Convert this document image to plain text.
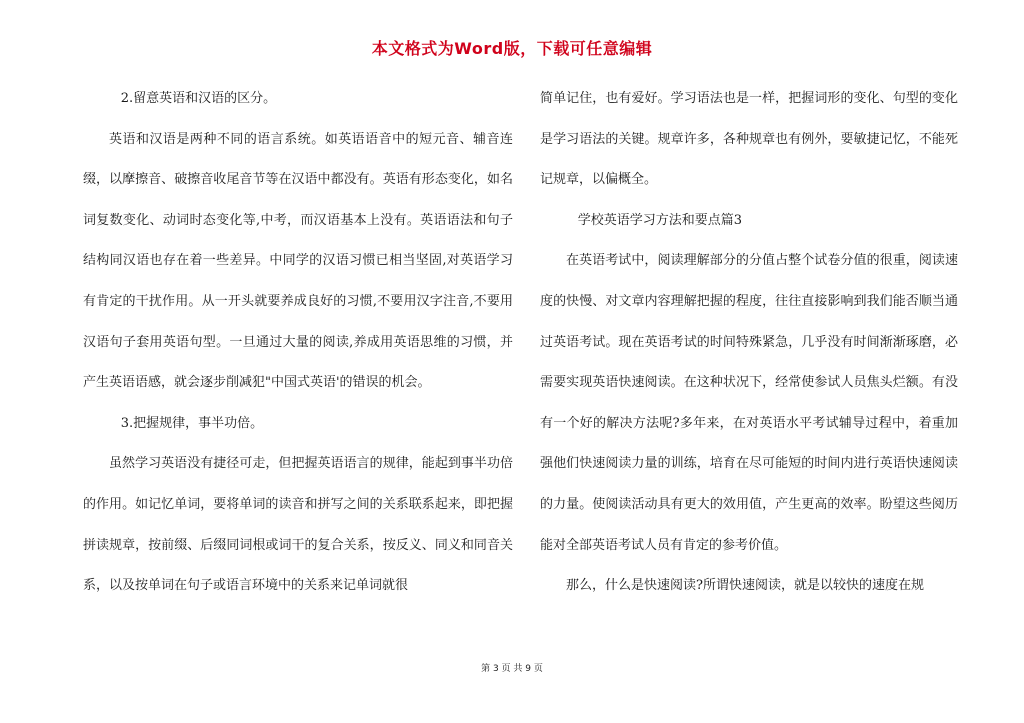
本文格式为Word版，下载可任意编辑

2.留意英语和汉语的区分。

英语和汉语是两种不同的语言系统。如英语语音中的短元音、辅音连缀，以摩擦音、破擦音收尾音节等在汉语中都没有。英语有形态变化，如名词复数变化、动词时态变化等,中考，而汉语基本上没有。英语语法和句子结构同汉语也存在着一些差异。中同学的汉语习惯已相当坚固,对英语学习有肯定的干扰作用。从一开头就要养成良好的习惯,不要用汉字注音,不要用汉语句子套用英语句型。一旦通过大量的阅读,养成用英语思维的习惯，并产生英语语感，就会逐步削减犯"中国式英语'的错误的机会。

3.把握规律，事半功倍。

虽然学习英语没有捷径可走，但把握英语语言的规律，能起到事半功倍的作用。如记忆单词，要将单词的读音和拼写之间的关系联系起来，即把握拼读规章，按前缀、后缀同词根或词干的复合关系，按反义、同义和同音关系，以及按单词在句子或语言环境中的关系来记单词就很

简单记住，也有爱好。学习语法也是一样，把握词形的变化、句型的变化是学习语法的关键。规章许多，各种规章也有例外，要敏捷记忆，不能死记规章，以偏概全。

学校英语学习方法和要点篇3

在英语考试中，阅读理解部分的分值占整个试卷分值的很重，阅读速度的快慢、对文章内容理解把握的程度，往往直接影响到我们能否顺当通过英语考试。现在英语考试的时间特殊紧急，几乎没有时间渐渐琢磨，必需要实现英语快速阅读。在这种状况下，经常使参试人员焦头烂额。有没有一个好的解决方法呢?多年来，在对英语水平考试辅导过程中，着重加强他们快速阅读力量的训练，培育在尽可能短的时间内进行英语快速阅读的力量。使阅读活动具有更大的效用值，产生更高的效率。盼望这些阅历能对全部英语考试人员有肯定的参考价值。

那么，什么是快速阅读?所谓快速阅读，就是以较快的速度在规

第 3 页 共 9 页
